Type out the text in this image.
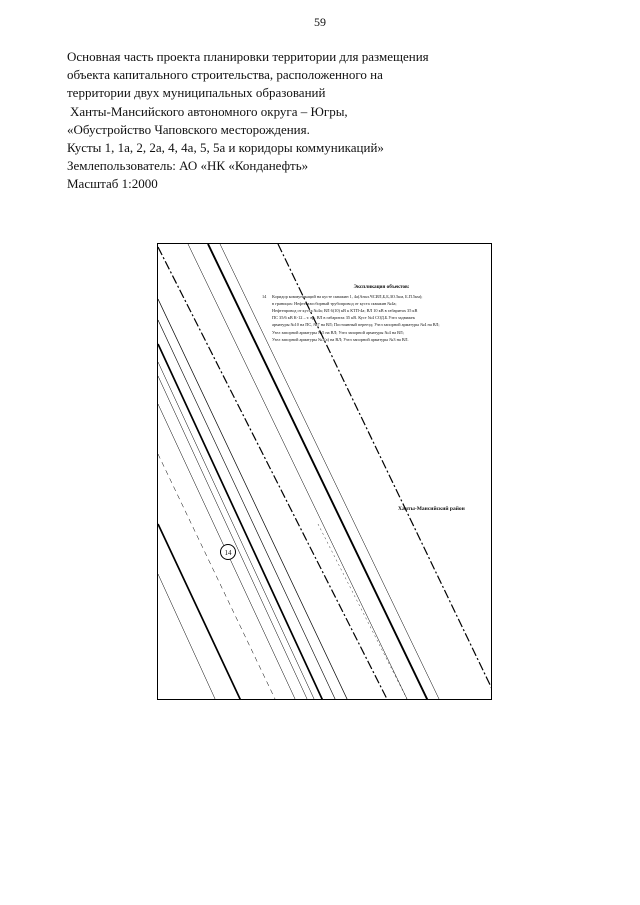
59
Основная часть проекта планировки территории для размещения
объекта капитального строительства, расположенного на
территории двух муниципальных образований
Ханты-Мансийского автономного округа – Югры,
«Обустройство Чаповского месторождения.
Кусты 1, 1а, 2, 2а, 4, 4а, 5, 5а и коридоры коммуникаций»
Землепользователь: АО «НК «Конданефть»
Масштаб 1:2000
Экспликация объектов:
14	Коридор коммуникаций на кусте скважин 1, 4а(Анал.ЧСИЛ,Б,Б,ЗО.5км, Б.П.5км);
в границах: Нефтегазосборный трубопровод от куста скважин №4а;
Нефтепровод от куста №4а; ВЛ 6(10) кВ к КТП-4а; ВЛ 10 кВ в габаритах 35 кВ
ПС 35/6 кВ К-12 – т. вр. ВЛ в габаритах 35 кВ. Куст №4 СОД.Б.Узел задвижек
арматуры №10 на ПС, №7 на ВЛ; Постоянный переезд; Узел запорной арматуры №4 на ВЛ;
Узел запорной арматуры №5 на ВЛ; Узел запорной арматуры №4 на ВЛ;
Узел запорной арматуры №3(а) на ВЛ; Узел запорной арматуры №3 на ВЛ.
Ханты-Мансийский район
14
